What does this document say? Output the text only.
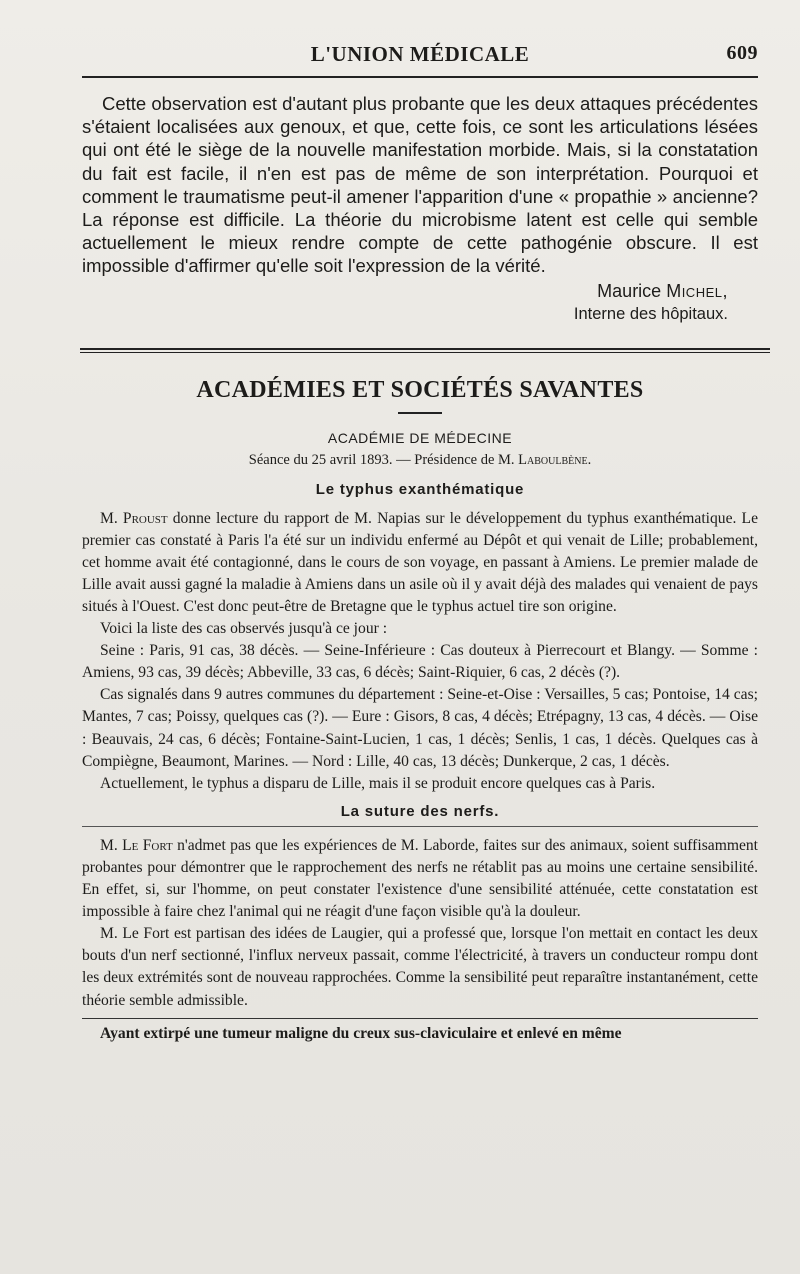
L'UNION MÉDICALE	609

Cette observation est d'autant plus probante que les deux attaques précédentes s'étaient localisées aux genoux, et que, cette fois, ce sont les articulations lésées qui ont été le siège de la nouvelle manifestation morbide. Mais, si la constatation du fait est facile, il n'en est pas de même de son interprétation. Pourquoi et comment le traumatisme peut-il amener l'apparition d'une « propathie » ancienne? La réponse est difficile. La théorie du microbisme latent est celle qui semble actuellement le mieux rendre compte de cette pathogénie obscure. Il est impossible d'affirmer qu'elle soit l'expression de la vérité.

Maurice Michel,
Interne des hôpitaux.
ACADÉMIES ET SOCIÉTÉS SAVANTES
ACADÉMIE DE MÉDECINE
Séance du 25 avril 1893. — Présidence de M. Laboulbène.
Le typhus exanthématique

M. Proust donne lecture du rapport de M. Napias sur le développement du typhus exanthématique. Le premier cas constaté à Paris l'a été sur un individu enfermé au Dépôt et qui venait de Lille; probablement, cet homme avait été contagionné, dans le cours de son voyage, en passant à Amiens. Le premier malade de Lille avait aussi gagné la maladie à Amiens dans un asile où il y avait déjà des malades qui venaient de pays situés à l'Ouest. C'est donc peut-être de Bretagne que le typhus actuel tire son origine.

Voici la liste des cas observés jusqu'à ce jour :

Seine : Paris, 91 cas, 38 décès. — Seine-Inférieure : Cas douteux à Pierrecourt et Blangy. — Somme : Amiens, 93 cas, 39 décès; Abbeville, 33 cas, 6 décès; Saint-Riquier, 6 cas, 2 décès (?).

Cas signalés dans 9 autres communes du département : Seine-et-Oise : Versailles, 5 cas; Pontoise, 14 cas; Mantes, 7 cas; Poissy, quelques cas (?). — Eure : Gisors, 8 cas, 4 décès; Etrépagny, 13 cas, 4 décès. — Oise : Beauvais, 24 cas, 6 décès; Fontaine-Saint-Lucien, 1 cas, 1 décès; Senlis, 1 cas, 1 décès. Quelques cas à Compiègne, Beaumont, Marines. — Nord : Lille, 40 cas, 13 décès; Dunkerque, 2 cas, 1 décès.

Actuellement, le typhus a disparu de Lille, mais il se produit encore quelques cas à Paris.

La suture des nerfs.

M. Le Fort n'admet pas que les expériences de M. Laborde, faites sur des animaux, soient suffisamment probantes pour démontrer que le rapprochement des nerfs ne rétablit pas au moins une certaine sensibilité. En effet, si, sur l'homme, on peut constater l'existence d'une sensibilité atténuée, cette constatation est impossible à faire chez l'animal qui ne réagit d'une façon visible qu'à la douleur.

M. Le Fort est partisan des idées de Laugier, qui a professé que, lorsque l'on mettait en contact les deux bouts d'un nerf sectionné, l'influx nerveux passait, comme l'électricité, à travers un conducteur rompu dont les deux extrémités sont de nouveau rapprochées. Comme la sensibilité peut reparaître instantanément, cette théorie semble admissible.

Ayant extirpé une tumeur maligne du creux sus-claviculaire et enlevé en même
